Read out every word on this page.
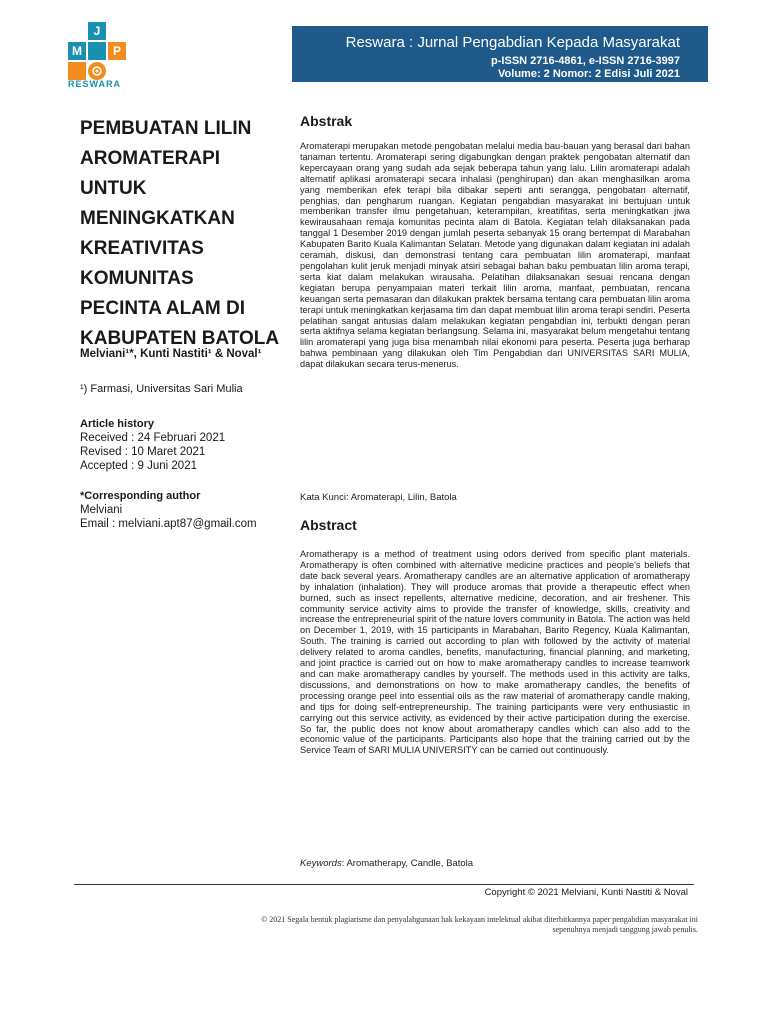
J
M	P
RESWARA
Reswara : Jurnal Pengabdian Kepada Masyarakat
p-ISSN 2716-4861, e-ISSN 2716-3997
Volume: 2 Nomor: 2 Edisi Juli 2021
PEMBUATAN LILIN AROMATERAPI UNTUK MENINGKATKAN KREATIVITAS KOMUNITAS PECINTA ALAM DI KABUPATEN BATOLA
Melviani¹*, Kunti Nastiti¹ & Noval¹
¹) Farmasi, Universitas Sari Mulia
Article history
Received : 24 Februari 2021
Revised : 10 Maret 2021
Accepted : 9 Juni 2021
*Corresponding author
Melviani
Email : melviani.apt87@gmail.com
Abstrak

Aromaterapi merupakan metode pengobatan melalui media bau-bauan yang berasal dari bahan tanaman tertentu. Aromaterapi sering digabungkan dengan praktek pengobatan alternatif dan kepercayaan orang yang sudah ada sejak beberapa tahun yang lalu. Lilin aromaterapi adalah alternatif aplikasi aromaterapi secara inhalasi (penghirupan) dan akan menghasilkan aroma yang memberikan efek terapi bila dibakar seperti anti serangga, pengobatan alternatif, penghias, dan pengharum ruangan. Kegiatan pengabdian masyarakat ini bertujuan untuk memberikan transfer ilmu pengetahuan, keterampilan, kreatifitas, serta meningkatkan jiwa kewirausahaan remaja komunitas pecinta alam di Batola. Kegiatan telah dilaksanakan pada tanggal 1 Desember 2019 dengan jumlah peserta sebanyak 15 orang bertempat di Marabahan Kabupaten Barito Kuala Kalimantan Selatan. Metode yang digunakan dalam kegiatan ini adalah ceramah, diskusi, dan demonstrasi tentang cara pembuatan lilin aromaterapi, manfaat pengolahan kulit jeruk menjadi minyak atsiri sebagai bahan baku pembuatan lilin aroma terapi, serta kiat dalam melakukan wirausaha. Pelatihan dilaksanakan sesuai rencana dengan kegiatan berupa penyampaian materi terkait lilin aroma, manfaat, pembuatan, rencana keuangan serta pemasaran dan dilakukan praktek bersama tentang cara pembuatan lilin aroma terapi untuk meningkatkan kerjasama tim dan dapat membuat lilin aroma terapi sendiri. Peserta pelatihan sangat antusias dalam melakukan kegiatan pengabdian ini, terbukti dengan peran serta aktifnya selama kegiatan berlangsung. Selama ini, masyarakat belum mengetahui tentang lilin aromaterapi yang juga bisa menambah nilai ekonomi para peserta. Peserta juga berharap bahwa pembinaan yang dilakukan oleh Tim Pengabdian dari UNIVERSITAS SARI MULIA, dapat dilakukan secara terus-menerus.

Kata Kunci: Aromaterapi, Lilin, Batola
Abstract

Aromatherapy is a method of treatment using odors derived from specific plant materials. Aromatherapy is often combined with alternative medicine practices and people's beliefs that date back several years. Aromatherapy candles are an alternative application of aromatherapy by inhalation (inhalation). They will produce aromas that provide a therapeutic effect when burned, such as insect repellents, alternative medicine, decoration, and air freshener. This community service activity aims to provide the transfer of knowledge, skills, creativity and increase the entrepreneurial spirit of the nature lovers community in Batola. The action was held on December 1, 2019, with 15 participants in Marabahan, Barito Regency, Kuala Kalimantan, South. The training is carried out according to plan with followed by the activity of material delivery related to aroma candles, benefits, manufacturing, financial planning, and marketing, and joint practice is carried out on how to make aromatherapy candles to increase teamwork and can make aromatherapy candles by yourself. The methods used in this activity are talks, discussions, and demonstrations on how to make aromatherapy candles, the benefits of processing orange peel into essential oils as the raw material of aromatherapy candle making, and tips for doing self-entrepreneurship. The training participants were very enthusiastic in carrying out this service activity, as evidenced by their active participation during the exercise. So far, the public does not know about aromatherapy candles which can also add to the economic value of the participants. Participants also hope that the training carried out by the Service Team of SARI MULIA UNIVERSITY can be carried out continuously.

Keywords: Aromatherapy, Candle, Batola
Copyright © 2021 Melviani, Kunti Nastiti & Noval
© 2021 Segala bentuk plagiarisme dan penyalahgunaan hak kekayaan intelektual akibat diterbitkannya paper pengabdian masyarakat ini sepenuhnya menjadi tanggung jawab penulis.
